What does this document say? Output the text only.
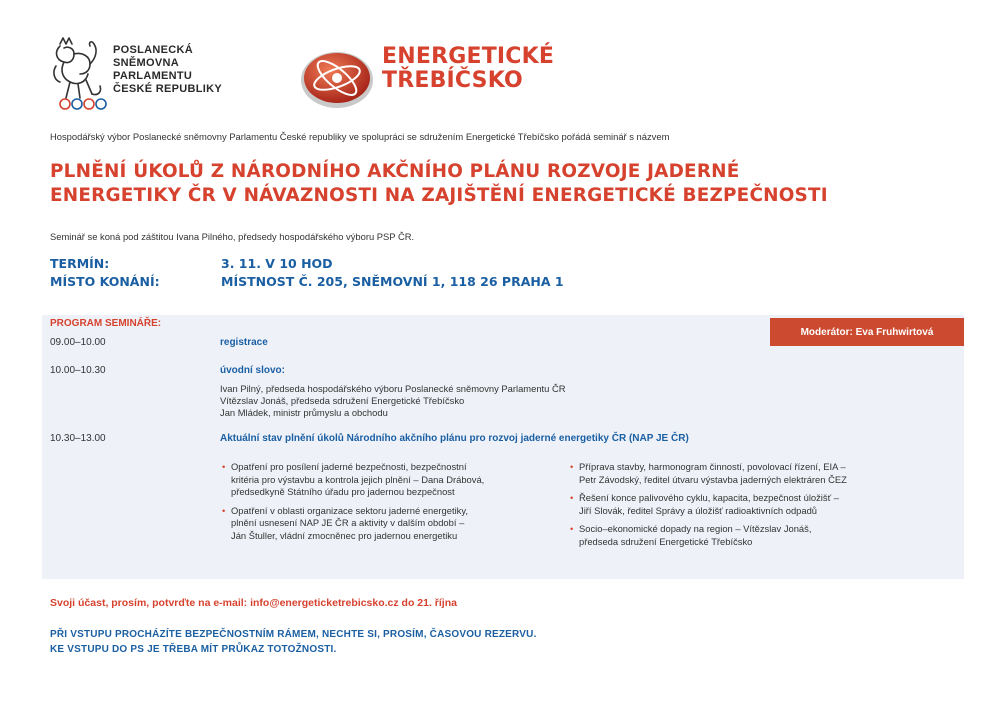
POSLANECKÁ
SNĚMOVNA
PARLAMENTU
ČESKÉ REPUBLIKY
ENERGETICKÉ
TŘEBÍČSKO
Hospodářský výbor Poslanecké sněmovny Parlamentu České republiky ve spolupráci se sdružením Energetické Třebíčsko pořádá seminář s názvem
PLNĚNÍ ÚKOLŮ Z NÁRODNÍHO AKČNÍHO PLÁNU ROZVOJE JADERNÉ
ENERGETIKY ČR V NÁVAZNOSTI NA ZAJIŠTĚNÍ ENERGETICKÉ BEZPEČNOSTI
Seminář se koná pod záštitou Ivana Pilného, předsedy hospodářského výboru PSP ČR.
TERMÍN:	3. 11. V 10 HOD
MÍSTO KONÁNÍ:	MÍSTNOST Č. 205, SNĚMOVNÍ 1, 118 26 PRAHA 1
PROGRAM SEMINÁŘE:
Moderátor: Eva Fruhwirtová
09.00–10.00	registrace
10.00–10.30	úvodní slovo:
Ivan Pilný, předseda hospodářského výboru Poslanecké sněmovny Parlamentu ČR
Vítězslav Jonáš, předseda sdružení Energetické Třebíčsko
Jan Mládek, ministr průmyslu a obchodu
10.30–13.00	Aktuální stav plnění úkolů Národního akčního plánu pro rozvoj jaderné energetiky ČR (NAP JE ČR)
• Opatření pro posílení jaderné bezpečnosti, bezpečnostní
kritéria pro výstavbu a kontrola jejich plnění – Dana Drábová,
předsedkyně Státního úřadu pro jadernou bezpečnost
• Opatření v oblasti organizace sektoru jaderné energetiky,
plnění usnesení NAP JE ČR a aktivity v dalším období –
Ján Štuller, vládní zmocněnec pro jadernou energetiku
• Příprava stavby, harmonogram činností, povolovací řízení, EIA –
Petr Závodský, ředitel útvaru výstavba jaderných elektráren ČEZ
• Řešení konce palivového cyklu, kapacita, bezpečnost úložišť –
Jiří Slovák, ředitel Správy a úložišť radioaktivních odpadů
• Socio–ekonomické dopady na region – Vítězslav Jonáš,
předseda sdružení Energetické Třebíčsko
Svoji účast, prosím, potvrďte na e-mail: info@energeticketrebicsko.cz do 21. října
PŘI VSTUPU PROCHÁZÍTE BEZPEČNOSTNÍM RÁMEM, NECHTE SI, PROSÍM, ČASOVOU REZERVU.
KE VSTUPU DO PS JE TŘEBA MÍT PRŮKAZ TOTOŽNOSTI.
